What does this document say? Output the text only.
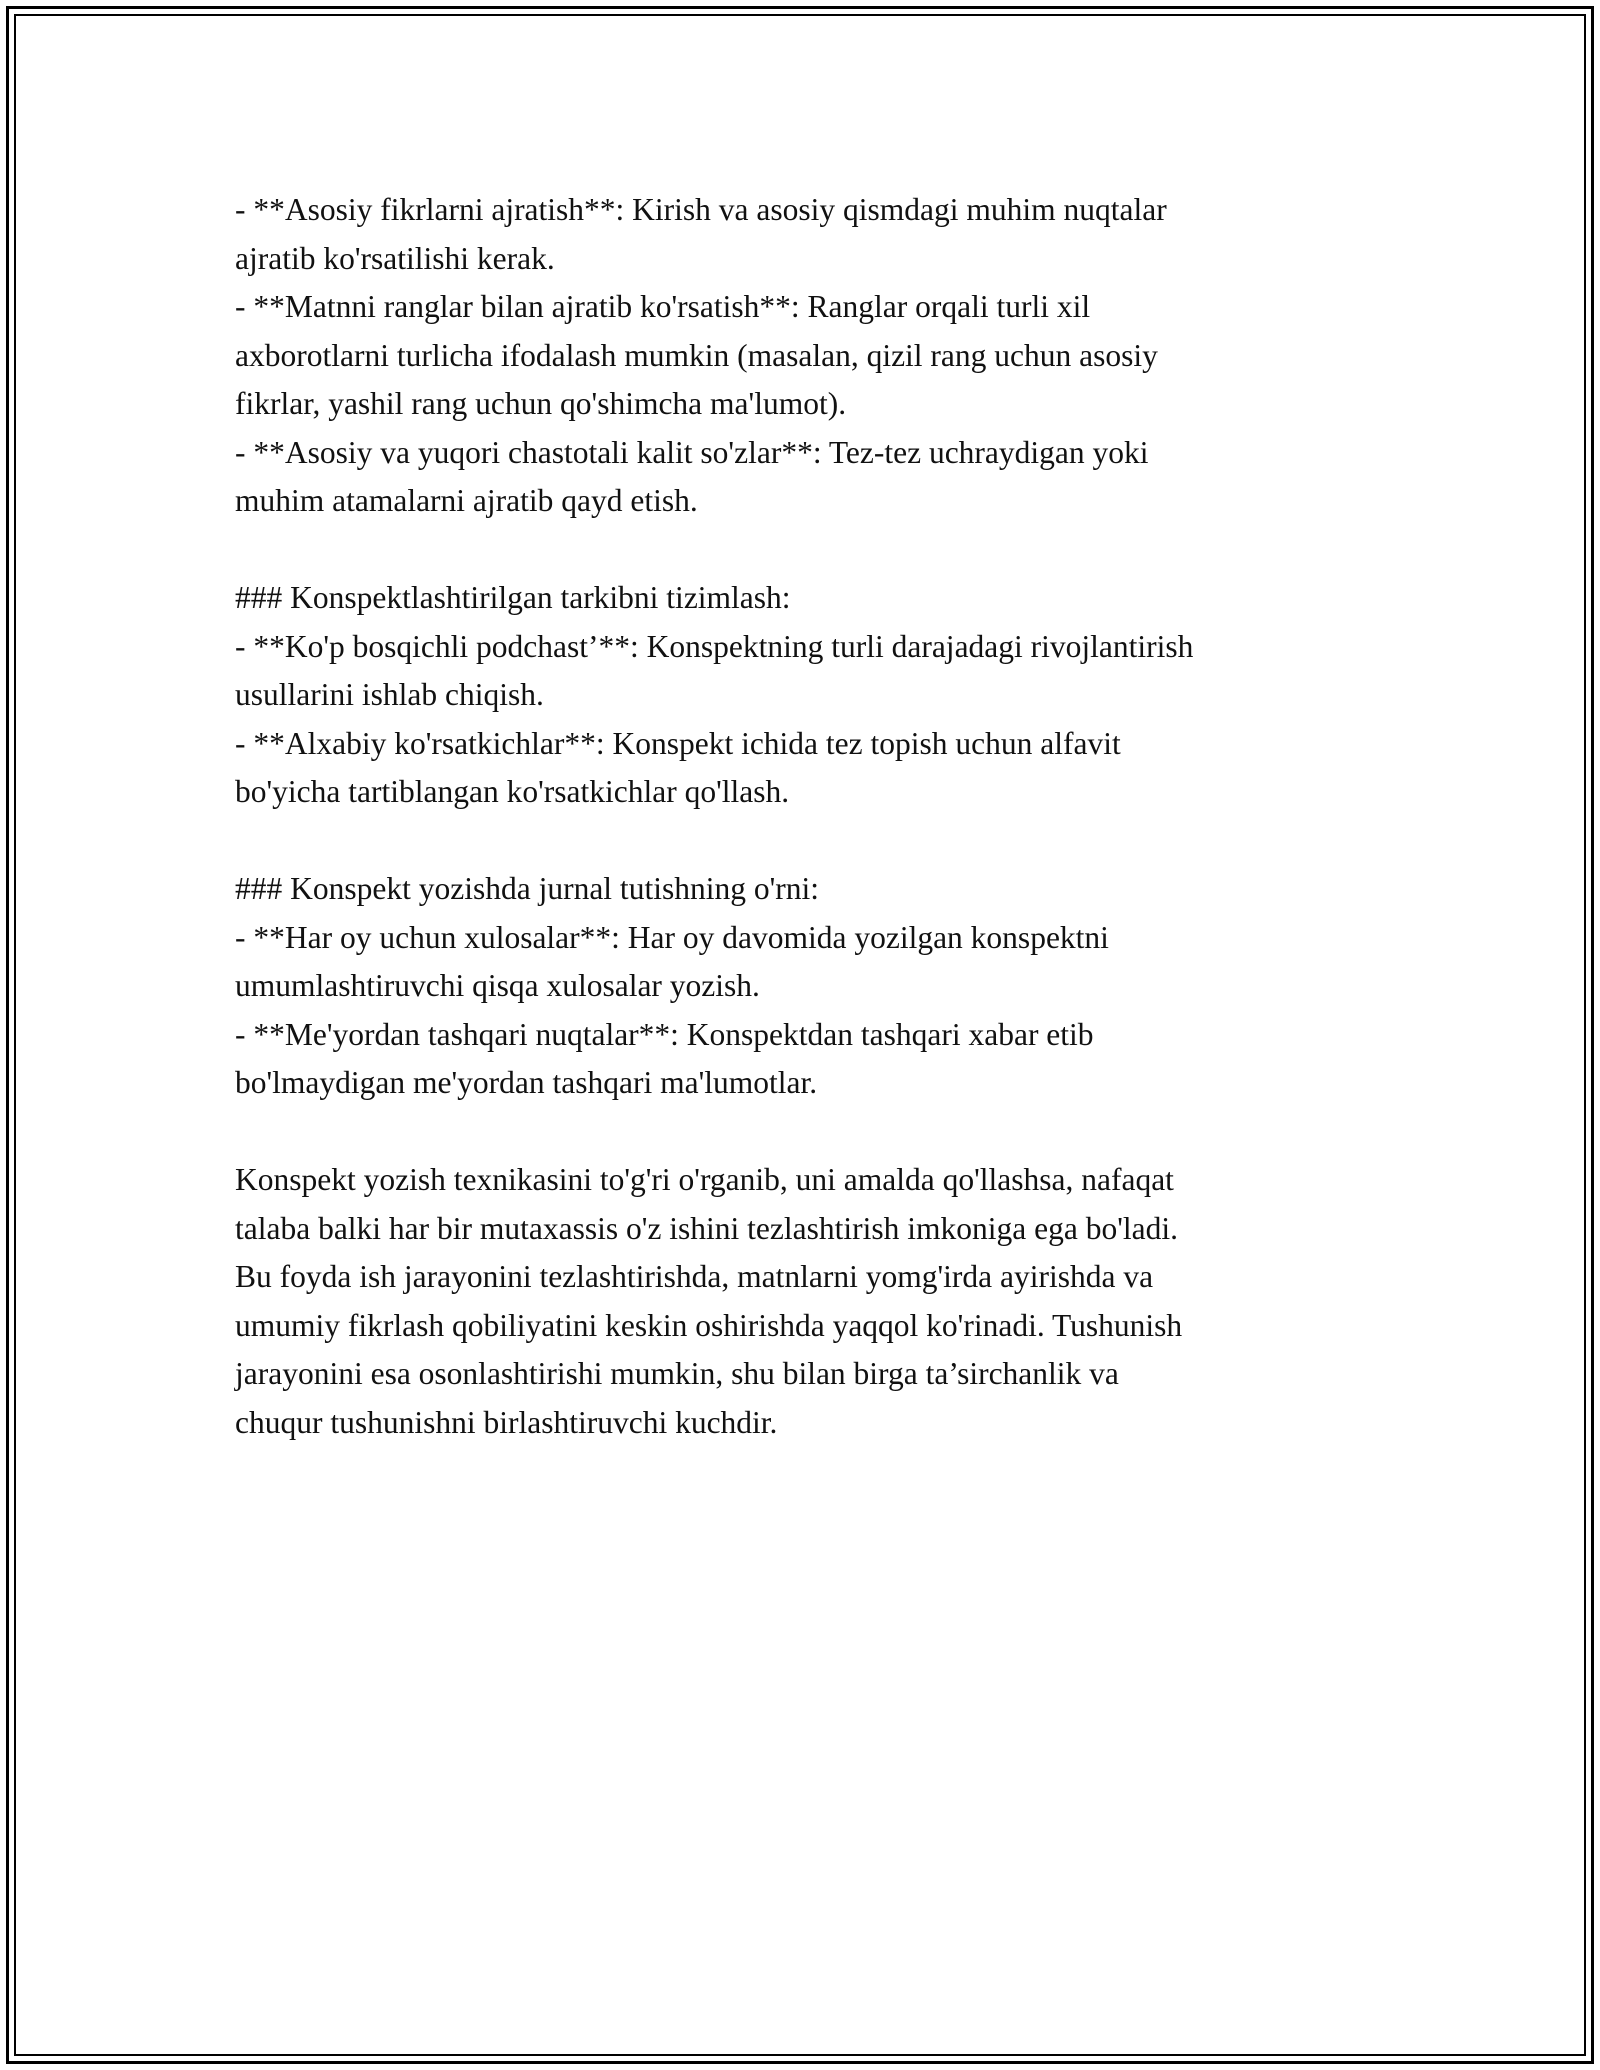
- **Asosiy fikrlarni ajratish**: Kirish va asosiy qismdagi muhim nuqtalar

ajratib ko'rsatilishi kerak.

- **Matnni ranglar bilan ajratib ko'rsatish**: Ranglar orqali turli xil

axborotlarni turlicha ifodalash mumkin (masalan, qizil rang uchun asosiy

fikrlar, yashil rang uchun qo'shimcha ma'lumot).

- **Asosiy va yuqori chastotali kalit so'zlar**: Tez-tez uchraydigan yoki

muhim atamalarni ajratib qayd etish.

### Konspektlashtirilgan tarkibni tizimlash:

- **Ko'p bosqichli podchast’**: Konspektning turli darajadagi rivojlantirish

usullarini ishlab chiqish.

- **Alxabiy ko'rsatkichlar**: Konspekt ichida tez topish uchun alfavit

bo'yicha tartiblangan ko'rsatkichlar qo'llash.

### Konspekt yozishda jurnal tutishning o'rni:

- **Har oy uchun xulosalar**: Har oy davomida yozilgan konspektni

umumlashtiruvchi qisqa xulosalar yozish.

- **Me'yordan tashqari nuqtalar**: Konspektdan tashqari xabar etib

bo'lmaydigan me'yordan tashqari ma'lumotlar.

Konspekt yozish texnikasini to'g'ri o'rganib, uni amalda qo'llashsa, nafaqat

talaba balki har bir mutaxassis o'z ishini tezlashtirish imkoniga ega bo'ladi.

Bu foyda ish jarayonini tezlashtirishda, matnlarni yomg'irda ayirishda va

umumiy fikrlash qobiliyatini keskin oshirishda yaqqol ko'rinadi. Tushunish

jarayonini esa osonlashtirishi mumkin, shu bilan birga ta’sirchanlik va

chuqur tushunishni birlashtiruvchi kuchdir.
